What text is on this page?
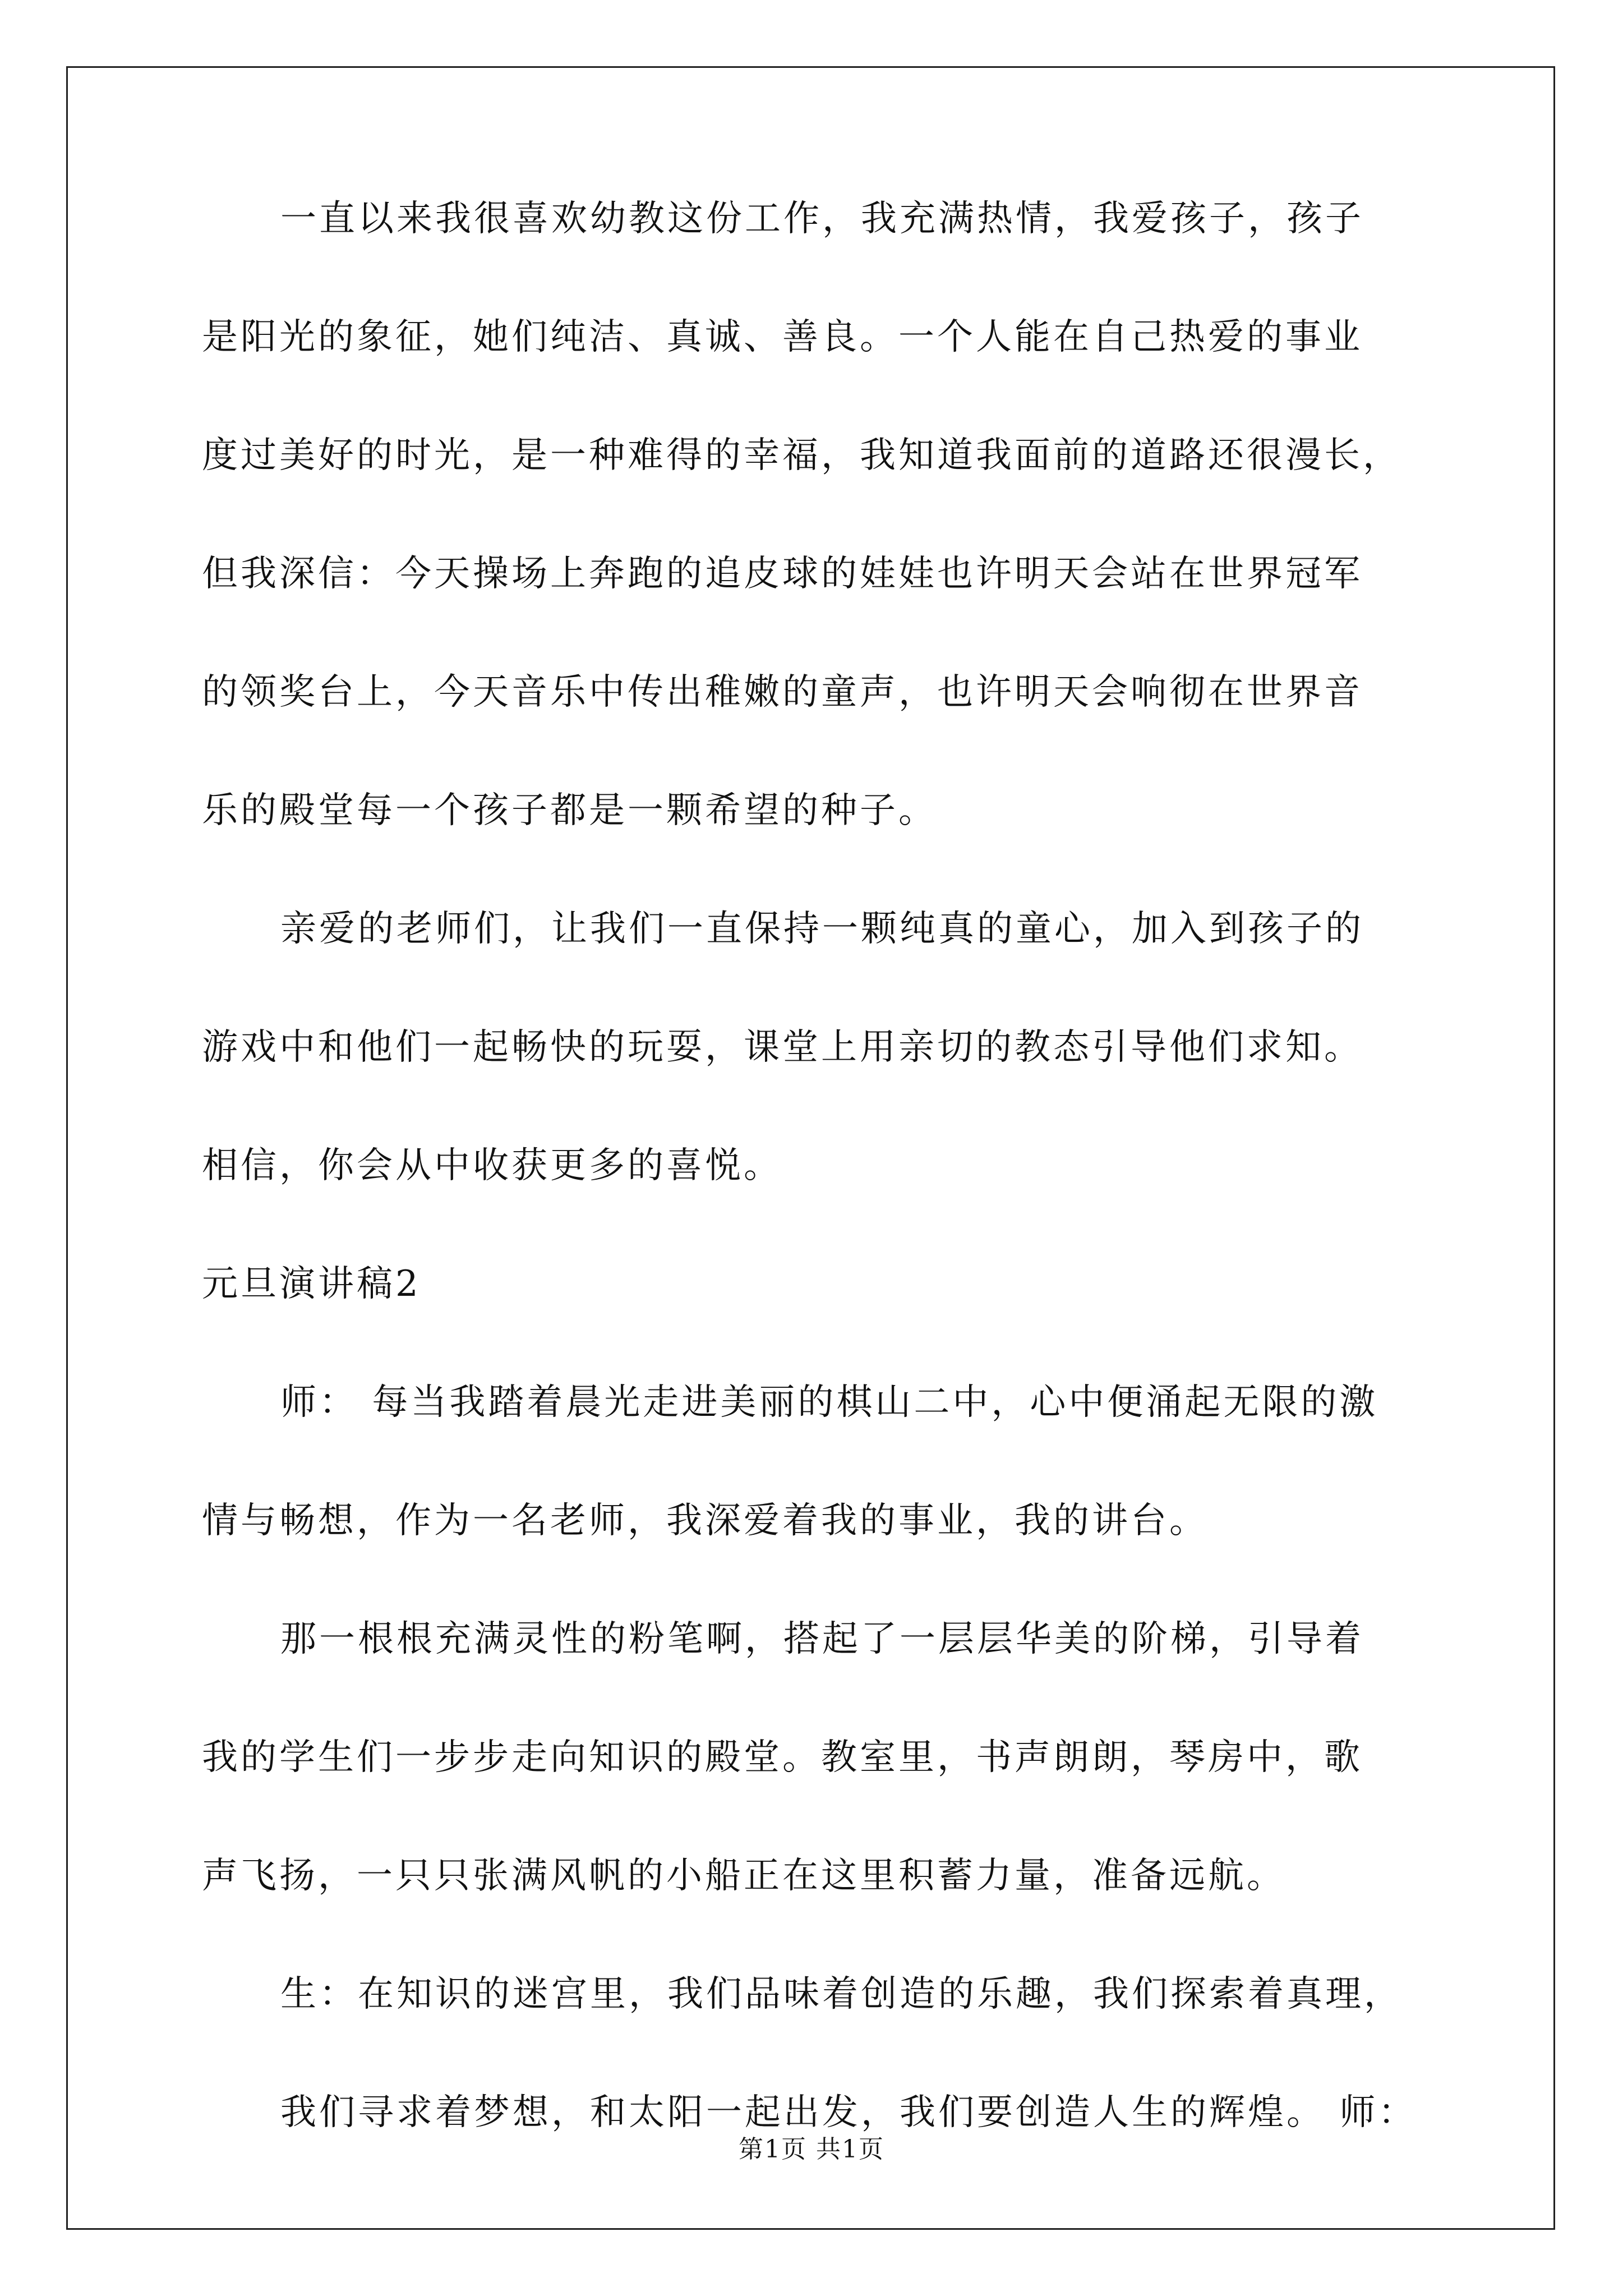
一直以来我很喜欢幼教这份工作，我充满热情，我爱孩子，孩子
是阳光的象征，她们纯洁、真诚、善良。一个人能在自己热爱的事业
度过美好的时光，是一种难得的幸福，我知道我面前的道路还很漫长，
但我深信：今天操场上奔跑的追皮球的娃娃也许明天会站在世界冠军
的领奖台上，今天音乐中传出稚嫩的童声，也许明天会响彻在世界音
乐的殿堂每一个孩子都是一颗希望的种子。
亲爱的老师们，让我们一直保持一颗纯真的童心，加入到孩子的
游戏中和他们一起畅快的玩耍，课堂上用亲切的教态引导他们求知。
相信，你会从中收获更多的喜悦。
元旦演讲稿2
师： 每当我踏着晨光走进美丽的棋山二中，心中便涌起无限的激
情与畅想，作为一名老师，我深爱着我的事业，我的讲台。
那一根根充满灵性的粉笔啊，搭起了一层层华美的阶梯，引导着
我的学生们一步步走向知识的殿堂。教室里，书声朗朗，琴房中，歌
声飞扬，一只只张满风帆的小船正在这里积蓄力量，准备远航。
生：在知识的迷宫里，我们品味着创造的乐趣，我们探索着真理，
我们寻求着梦想，和太阳一起出发，我们要创造人生的辉煌。 师：
第1页 共1页
